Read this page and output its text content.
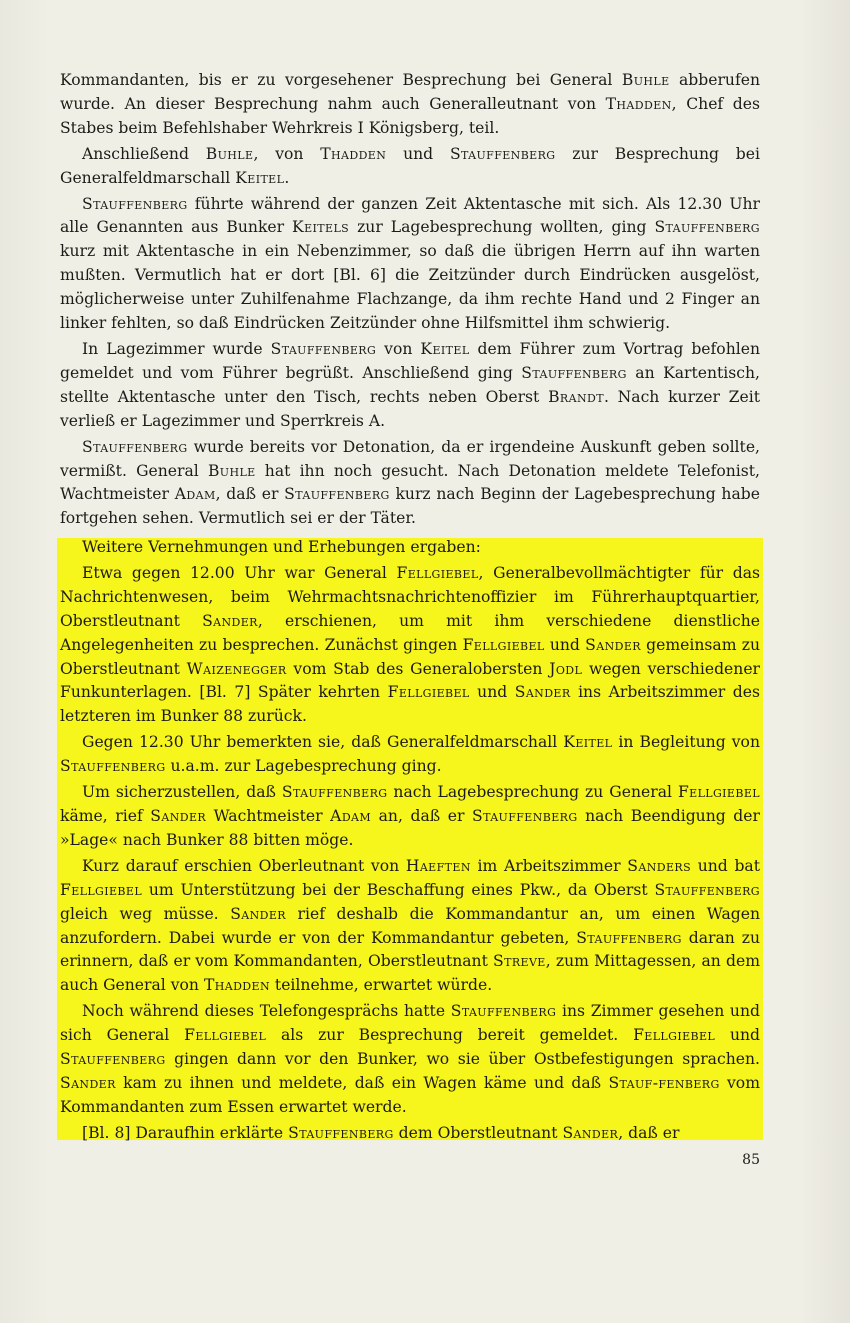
Kommandanten, bis er zu vorgesehener Besprechung bei General Buhle abberufen wurde. An dieser Besprechung nahm auch Generalleutnant von Thadden, Chef des Stabes beim Befehlshaber Wehrkreis I Königsberg, teil.

Anschließend Buhle, von Thadden und Stauffenberg zur Besprechung bei Generalfeldmarschall Keitel.

Stauffenberg führte während der ganzen Zeit Aktentasche mit sich. Als 12.30 Uhr alle Genannten aus Bunker Keitels zur Lagebesprechung wollten, ging Stauffenberg kurz mit Aktentasche in ein Nebenzimmer, so daß die übrigen Herrn auf ihn warten mußten. Vermutlich hat er dort [Bl. 6] die Zeitzünder durch Eindrücken ausgelöst, möglicherweise unter Zuhilfenahme Flachzange, da ihm rechte Hand und 2 Finger an linker fehlten, so daß Eindrücken Zeitzünder ohne Hilfsmittel ihm schwierig.

In Lagezimmer wurde Stauffenberg von Keitel dem Führer zum Vortrag befohlen gemeldet und vom Führer begrüßt. Anschließend ging Stauffenberg an Kartentisch, stellte Aktentasche unter den Tisch, rechts neben Oberst Brandt. Nach kurzer Zeit verließ er Lagezimmer und Sperrkreis A.

Stauffenberg wurde bereits vor Detonation, da er irgendeine Auskunft geben sollte, vermißt. General Buhle hat ihn noch gesucht. Nach Detonation meldete Telefonist, Wachtmeister Adam, daß er Stauffenberg kurz nach Beginn der Lagebesprechung habe fortgehen sehen. Vermutlich sei er der Täter.

Weitere Vernehmungen und Erhebungen ergaben:

Etwa gegen 12.00 Uhr war General Fellgiebel, Generalbevollmächtigter für das Nachrichtenwesen, beim Wehrmachtsnachrichtenoffizier im Führerhauptquartier, Oberstleutnant Sander, erschienen, um mit ihm verschiedene dienstliche Angelegenheiten zu besprechen. Zunächst gingen Fellgiebel und Sander gemeinsam zu Oberstleutnant Waizenegger vom Stab des Generalobersten Jodl wegen verschiedener Funkunterlagen. [Bl. 7] Später kehrten Fellgiebel und Sander ins Arbeitszimmer des letzteren im Bunker 88 zurück.

Gegen 12.30 Uhr bemerkten sie, daß Generalfeldmarschall Keitel in Begleitung von Stauffenberg u.a.m. zur Lagebesprechung ging.

Um sicherzustellen, daß Stauffenberg nach Lagebesprechung zu General Fellgiebel käme, rief Sander Wachtmeister Adam an, daß er Stauffenberg nach Beendigung der »Lage« nach Bunker 88 bitten möge.

Kurz darauf erschien Oberleutnant von Haeften im Arbeitszimmer Sanders und bat Fellgiebel um Unterstützung bei der Beschaffung eines Pkw., da Oberst Stauffenberg gleich weg müsse. Sander rief deshalb die Kommandantur an, um einen Wagen anzufordern. Dabei wurde er von der Kommandantur gebeten, Stauffenberg daran zu erinnern, daß er vom Kommandanten, Oberstleutnant Streve, zum Mittagessen, an dem auch General von Thadden teilnehme, erwartet würde.

Noch während dieses Telefongesprächs hatte Stauffenberg ins Zimmer gesehen und sich General Fellgiebel als zur Besprechung bereit gemeldet. Fellgiebel und Stauffenberg gingen dann vor den Bunker, wo sie über Ostbefestigungen sprachen. Sander kam zu ihnen und meldete, daß ein Wagen käme und daß Stauf-fenberg vom Kommandanten zum Essen erwartet werde.

[Bl. 8] Daraufhin erklärte Stauffenberg dem Oberstleutnant Sander, daß er

85
